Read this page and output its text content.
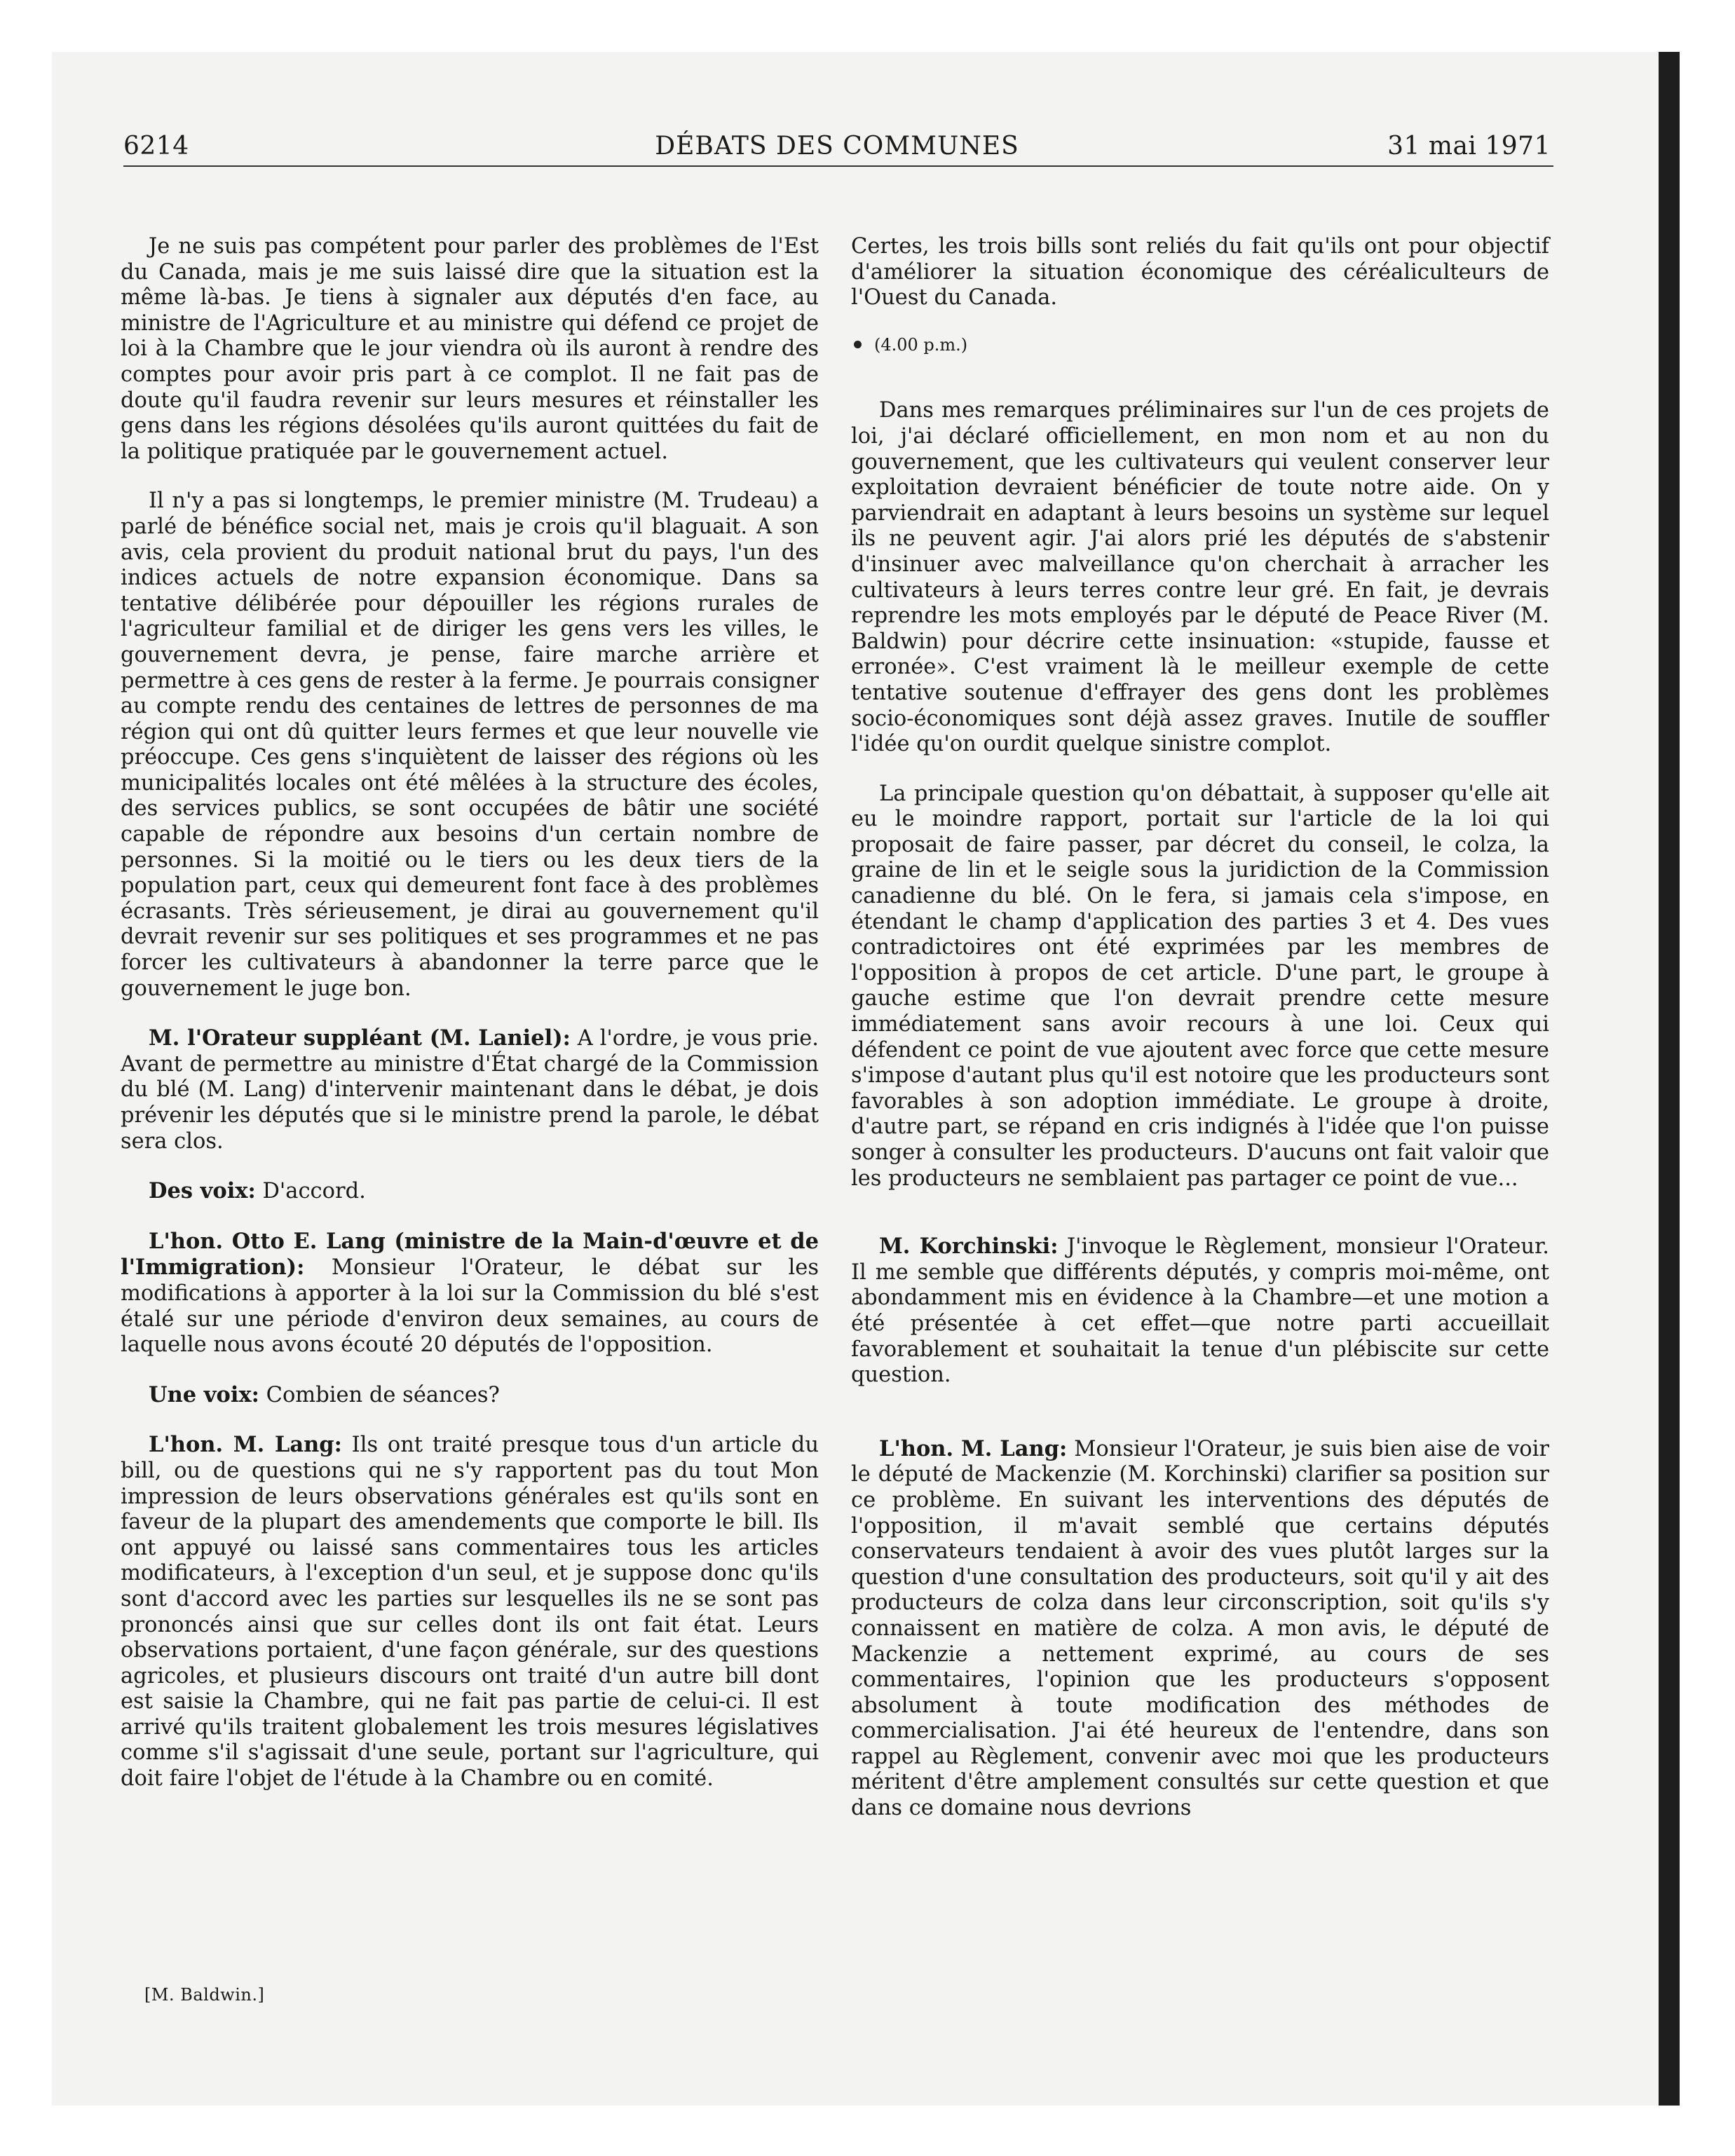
6214	DÉBATS DES COMMUNES	31 mai 1971

Je ne suis pas compétent pour parler des problèmes de l'Est du Canada, mais je me suis laissé dire que la situation est la même là-bas. Je tiens à signaler aux députés d'en face, au ministre de l'Agriculture et au ministre qui défend ce projet de loi à la Chambre que le jour viendra où ils auront à rendre des comptes pour avoir pris part à ce complot. Il ne fait pas de doute qu'il faudra revenir sur leurs mesures et réinstaller les gens dans les régions désolées qu'ils auront quittées du fait de la politique pratiquée par le gouvernement actuel.

Il n'y a pas si longtemps, le premier ministre (M. Trudeau) a parlé de bénéfice social net, mais je crois qu'il blaguait. A son avis, cela provient du produit national brut du pays, l'un des indices actuels de notre expansion économique. Dans sa tentative délibérée pour dépouiller les régions rurales de l'agriculteur familial et de diriger les gens vers les villes, le gouvernement devra, je pense, faire marche arrière et permettre à ces gens de rester à la ferme. Je pourrais consigner au compte rendu des centaines de lettres de personnes de ma région qui ont dû quitter leurs fermes et que leur nouvelle vie préoccupe. Ces gens s'inquiètent de laisser des régions où les municipalités locales ont été mêlées à la structure des écoles, des services publics, se sont occupées de bâtir une société capable de répondre aux besoins d'un certain nombre de personnes. Si la moitié ou le tiers ou les deux tiers de la population part, ceux qui demeurent font face à des problèmes écrasants. Très sérieusement, je dirai au gouvernement qu'il devrait revenir sur ses politiques et ses programmes et ne pas forcer les cultivateurs à abandonner la terre parce que le gouvernement le juge bon.

M. l'Orateur suppléant (M. Laniel): A l'ordre, je vous prie. Avant de permettre au ministre d'État chargé de la Commission du blé (M. Lang) d'intervenir maintenant dans le débat, je dois prévenir les députés que si le ministre prend la parole, le débat sera clos.

Des voix: D'accord.

L'hon. Otto E. Lang (ministre de la Main-d'œuvre et de l'Immigration): Monsieur l'Orateur, le débat sur les modifications à apporter à la loi sur la Commission du blé s'est étalé sur une période d'environ deux semaines, au cours de laquelle nous avons écouté 20 députés de l'opposition.

Une voix: Combien de séances?

L'hon. M. Lang: Ils ont traité presque tous d'un article du bill, ou de questions qui ne s'y rapportent pas du tout Mon impression de leurs observations générales est qu'ils sont en faveur de la plupart des amendements que comporte le bill. Ils ont appuyé ou laissé sans commentaires tous les articles modificateurs, à l'exception d'un seul, et je suppose donc qu'ils sont d'accord avec les parties sur lesquelles ils ne se sont pas prononcés ainsi que sur celles dont ils ont fait état. Leurs observations portaient, d'une façon générale, sur des questions agricoles, et plusieurs discours ont traité d'un autre bill dont est saisie la Chambre, qui ne fait pas partie de celui-ci. Il est arrivé qu'ils traitent globalement les trois mesures législatives comme s'il s'agissait d'une seule, portant sur l'agriculture, qui doit faire l'objet de l'étude à la Chambre ou en comité.

Certes, les trois bills sont reliés du fait qu'ils ont pour objectif d'améliorer la situation économique des céréaliculteurs de l'Ouest du Canada.

(4.00 p.m.)

Dans mes remarques préliminaires sur l'un de ces projets de loi, j'ai déclaré officiellement, en mon nom et au non du gouvernement, que les cultivateurs qui veulent conserver leur exploitation devraient bénéficier de toute notre aide. On y parviendrait en adaptant à leurs besoins un système sur lequel ils ne peuvent agir. J'ai alors prié les députés de s'abstenir d'insinuer avec malveillance qu'on cherchait à arracher les cultivateurs à leurs terres contre leur gré. En fait, je devrais reprendre les mots employés par le député de Peace River (M. Baldwin) pour décrire cette insinuation: «stupide, fausse et erronée». C'est vraiment là le meilleur exemple de cette tentative soutenue d'effrayer des gens dont les problèmes socio-économiques sont déjà assez graves. Inutile de souffler l'idée qu'on ourdit quelque sinistre complot.

La principale question qu'on débattait, à supposer qu'elle ait eu le moindre rapport, portait sur l'article de la loi qui proposait de faire passer, par décret du conseil, le colza, la graine de lin et le seigle sous la juridiction de la Commission canadienne du blé. On le fera, si jamais cela s'impose, en étendant le champ d'application des parties 3 et 4. Des vues contradictoires ont été exprimées par les membres de l'opposition à propos de cet article. D'une part, le groupe à gauche estime que l'on devrait prendre cette mesure immédiatement sans avoir recours à une loi. Ceux qui défendent ce point de vue ajoutent avec force que cette mesure s'impose d'autant plus qu'il est notoire que les producteurs sont favorables à son adoption immédiate. Le groupe à droite, d'autre part, se répand en cris indignés à l'idée que l'on puisse songer à consulter les producteurs. D'aucuns ont fait valoir que les producteurs ne semblaient pas partager ce point de vue...

M. Korchinski: J'invoque le Règlement, monsieur l'Orateur. Il me semble que différents députés, y compris moi-même, ont abondamment mis en évidence à la Chambre—et une motion a été présentée à cet effet—que notre parti accueillait favorablement et souhaitait la tenue d'un plébiscite sur cette question.

L'hon. M. Lang: Monsieur l'Orateur, je suis bien aise de voir le député de Mackenzie (M. Korchinski) clarifier sa position sur ce problème. En suivant les interventions des députés de l'opposition, il m'avait semblé que certains députés conservateurs tendaient à avoir des vues plutôt larges sur la question d'une consultation des producteurs, soit qu'il y ait des producteurs de colza dans leur circonscription, soit qu'ils s'y connaissent en matière de colza. A mon avis, le député de Mackenzie a nettement exprimé, au cours de ses commentaires, l'opinion que les producteurs s'opposent absolument à toute modification des méthodes de commercialisation. J'ai été heureux de l'entendre, dans son rappel au Règlement, convenir avec moi que les producteurs méritent d'être amplement consultés sur cette question et que dans ce domaine nous devrions

[M. Baldwin.]
